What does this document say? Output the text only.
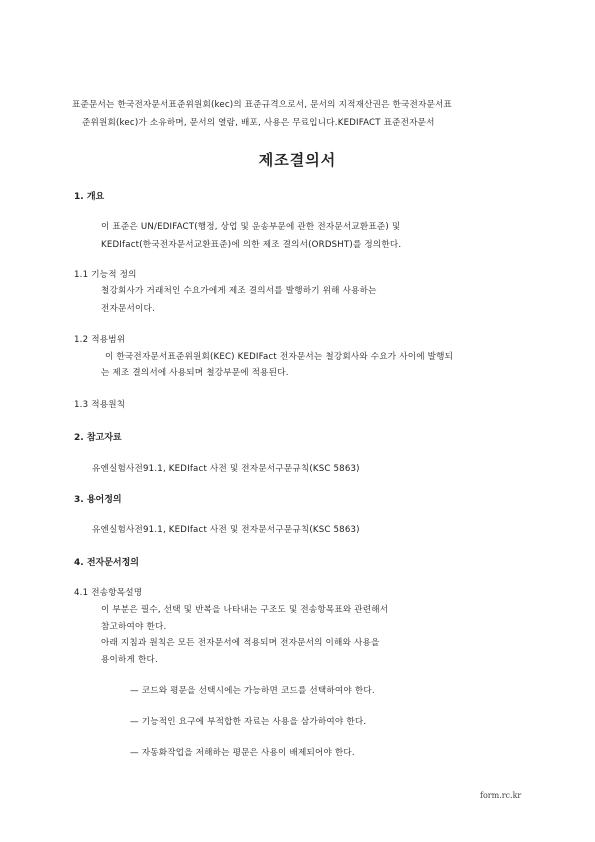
표준문서는 한국전자문서표준위원회(kec)의 표준규격으로서, 문서의 지적재산권은 한국전자문서표
준위원회(kec)가 소유하며, 문서의 열람, 배포, 사용은 무료입니다.KEDIFACT 표준전자문서
제조결의서
1. 개요
이 표준은 UN/EDIFACT(행정, 상업 및 운송부문에 관한 전자문서교환표준) 및
KEDIfact(한국전자문서교환표준)에 의한 제조 결의서(ORDSHT)를 정의한다.
1.1 기능적 정의
철강회사가 거래처인 수요가에게 제조 결의서를 발행하기 위해 사용하는
전자문서이다.
1.2 적용범위
이 한국전자문서표준위원회(KEC) KEDIFact 전자문서는 철강회사와 수요가 사이에 발행되
는 제조 결의서에 사용되며 철강부문에 적용된다.
1.3 적용원칙
2. 참고자료
유엔실험사전91.1, KEDIfact 사전 및 전자문서구문규칙(KSC 5863)
3. 용어정의
유엔실험사전91.1, KEDIfact 사전 및 전자문서구문규칙(KSC 5863)
4. 전자문서정의
4.1 전송항목설명
이 부분은 필수, 선택 및 반복을 나타내는 구조도 및 전송항목표와 관련해서
참고하여야 한다.
아래 지침과 원칙은 모든 전자문서에 적용되며 전자문서의 이해와 사용을
용이하게 한다.
— 코드와 평문을 선택시에는 가능하면 코드를 선택하여야 한다.
— 기능적인 요구에 부적합한 자료는 사용을 삼가하여야 한다.
— 자동화작업을 저해하는 평문은 사용이 배제되어야 한다.
form.rc.kr
